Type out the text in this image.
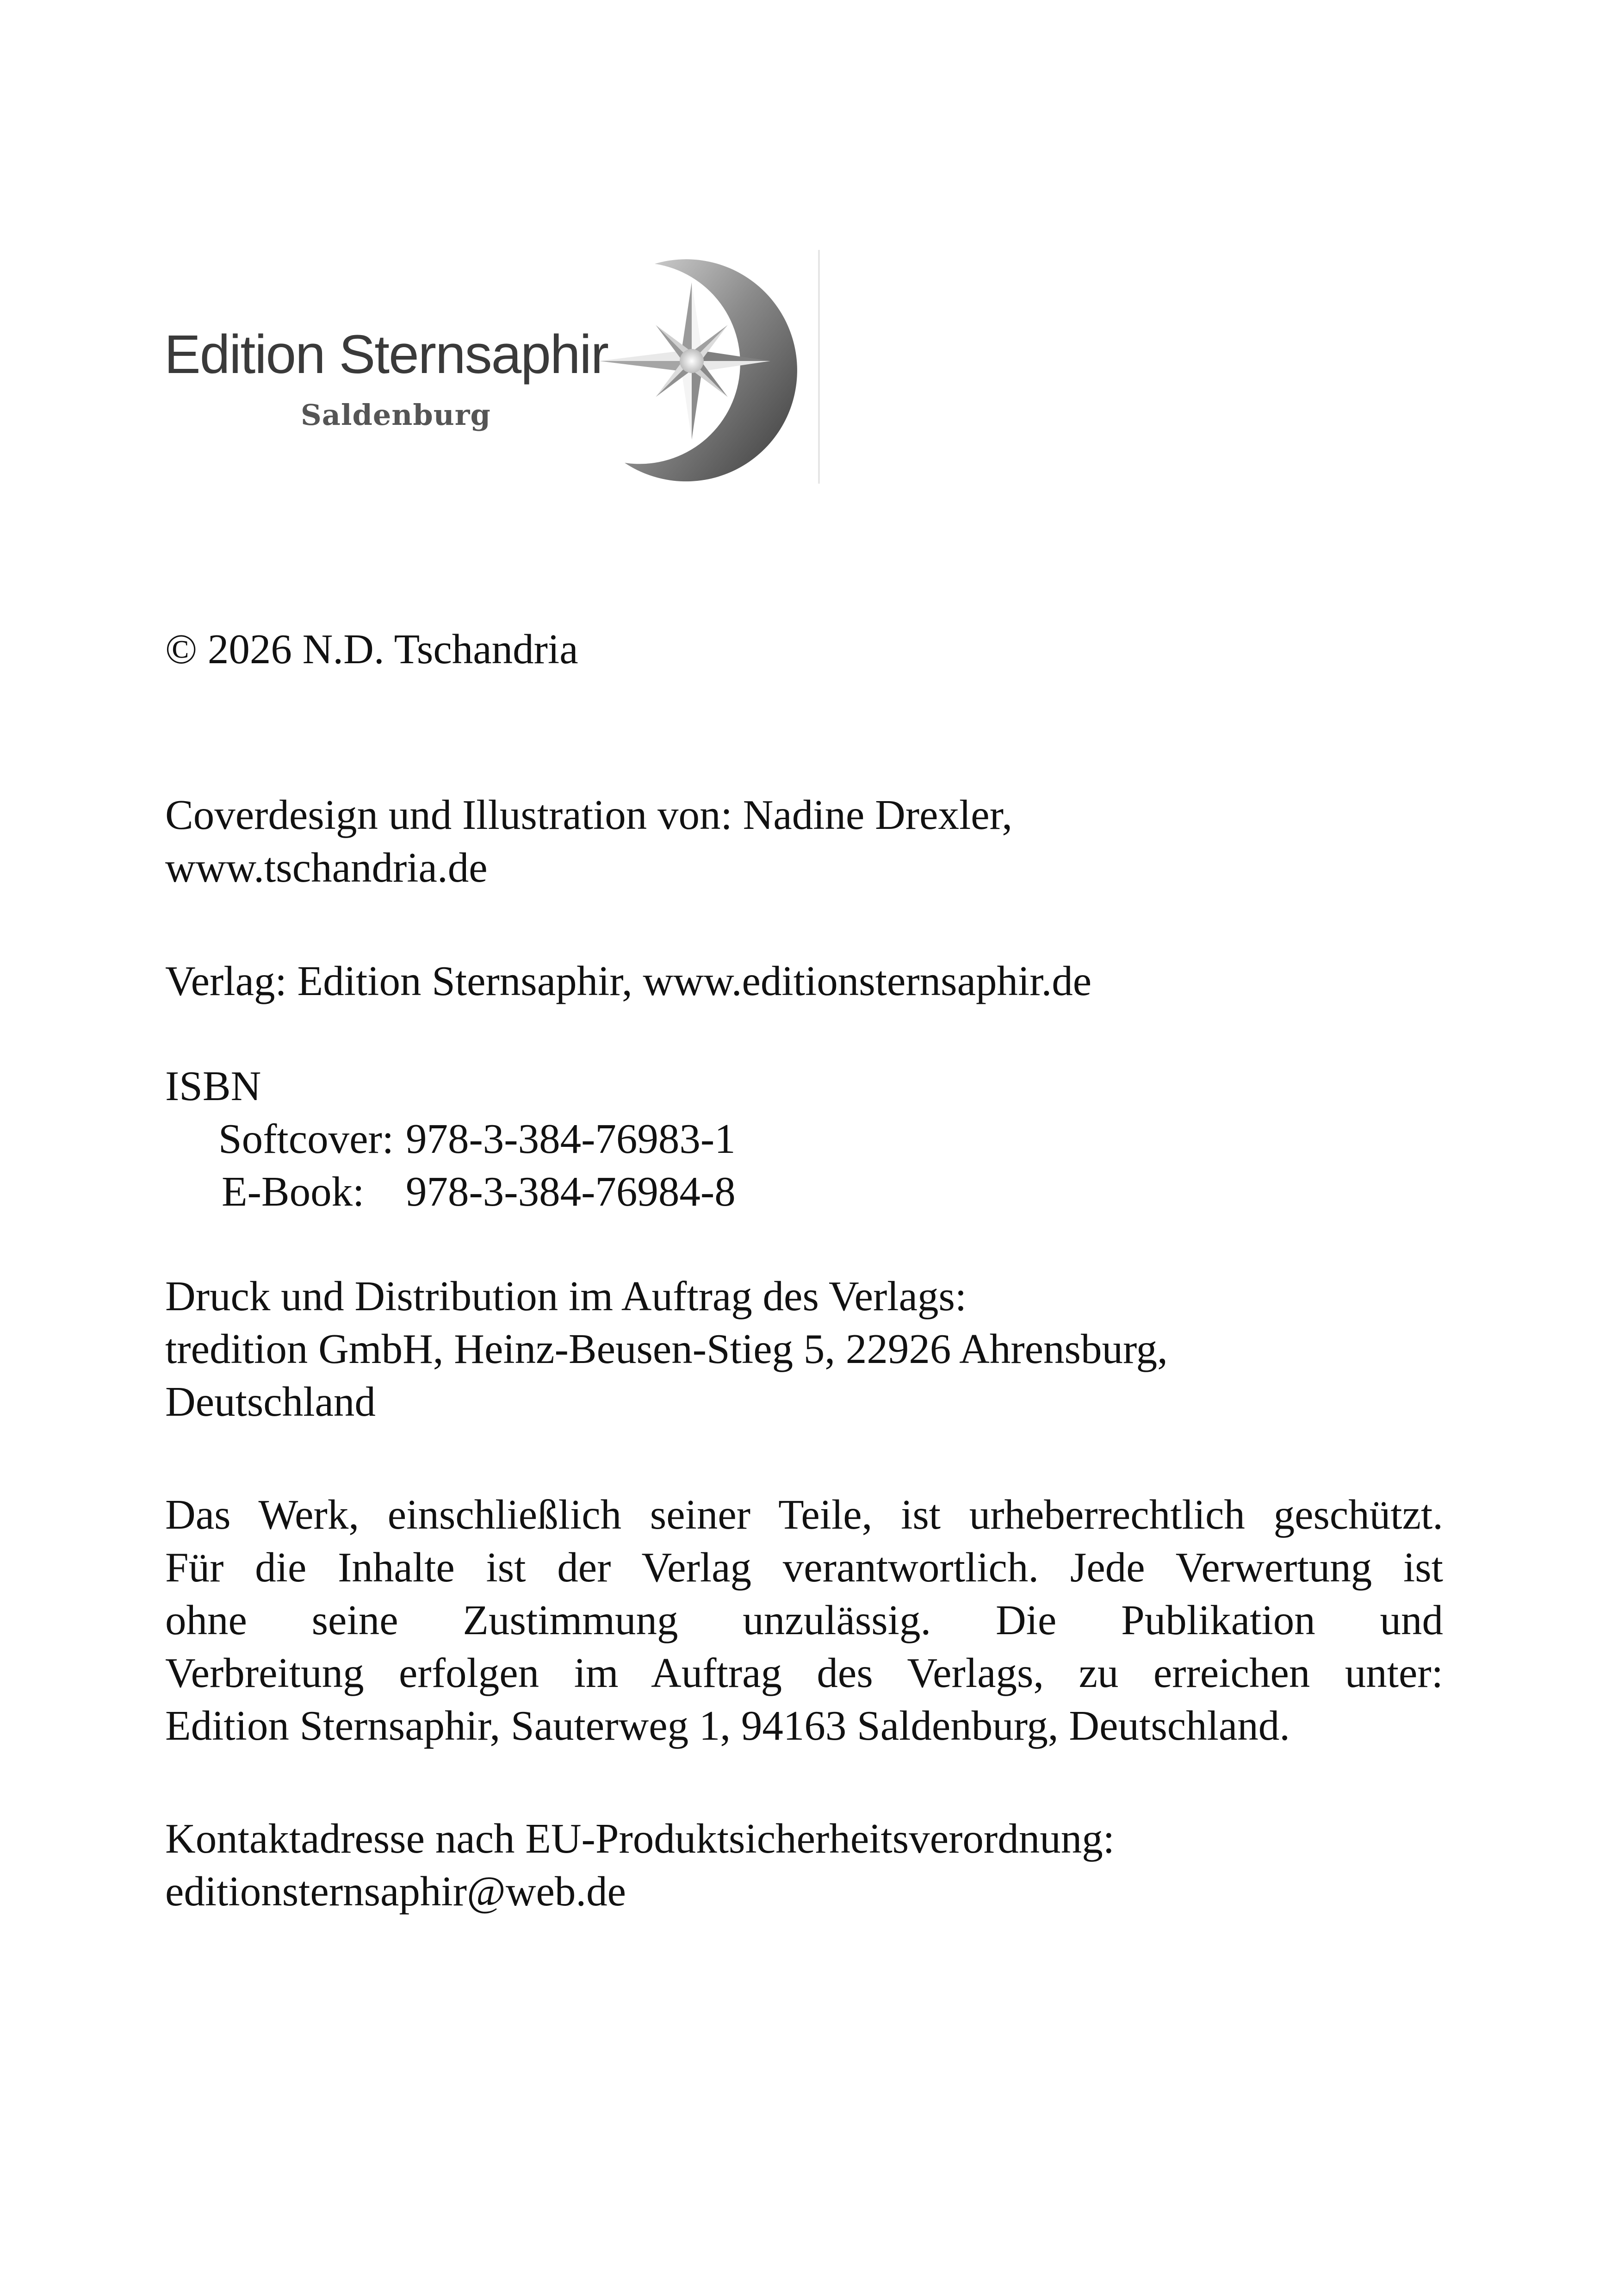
Edition Sternsaphir
Saldenburg

© 2026 N.D. Tschandria

Coverdesign und Illustration von: Nadine Drexler,
www.tschandria.de

Verlag: Edition Sternsaphir, www.editionsternsaphir.de

ISBN

Softcover: 978-3-384-76983-1
E-Book: 978-3-384-76984-8

Druck und Distribution im Auftrag des Verlags:
tredition GmbH, Heinz-Beusen-Stieg 5, 22926 Ahrensburg,
Deutschland

Das Werk, einschließlich seiner Teile, ist urheberrechtlich geschützt.
Für die Inhalte ist der Verlag verantwortlich. Jede Verwertung ist
ohne seine Zustimmung unzulässig. Die Publikation und
Verbreitung erfolgen im Auftrag des Verlags, zu erreichen unter:
Edition Sternsaphir, Sauterweg 1, 94163 Saldenburg, Deutschland.

Kontaktadresse nach EU-Produktsicherheitsverordnung:
editionsternsaphir@web.de
